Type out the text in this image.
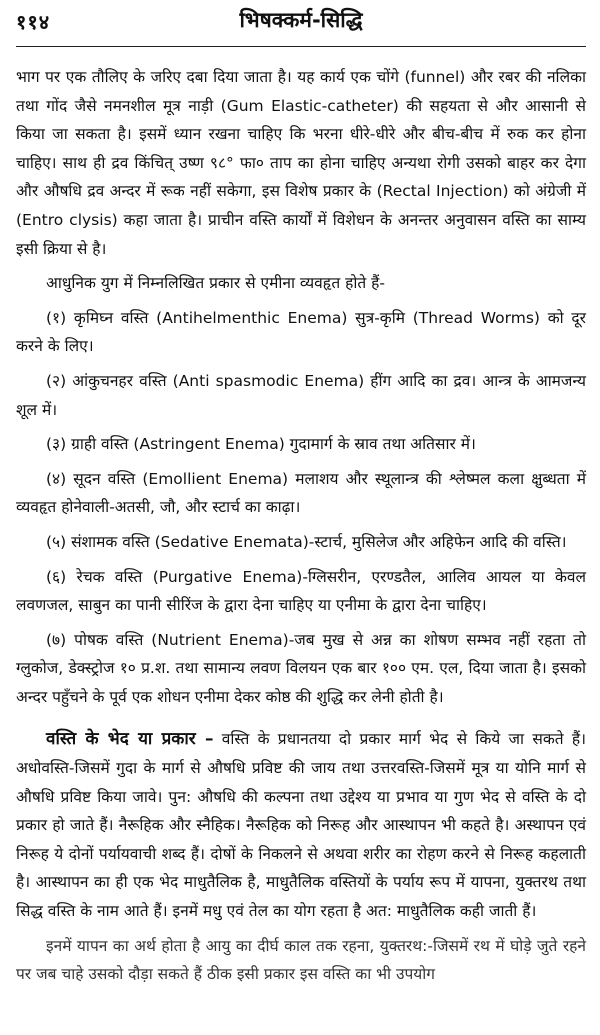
११४	भिषक्कर्म-सिद्धि

भाग पर एक तौलिए के जरिए दबा दिया जाता है। यह कार्य एक चोंगे (funnel) और रबर की नलिका तथा गोंद जैसे नमनशील मूत्र नाड़ी (Gum Elastic-catheter) की सहयता से और आसानी से किया जा सकता है। इसमें ध्यान रखना चाहिए कि भरना धीरे-धीरे और बीच-बीच में रुक कर होना चाहिए। साथ ही द्रव किंचित् उष्ण ९८° फा० ताप का होना चाहिए अन्यथा रोगी उसको बाहर कर देगा और औषधि द्रव अन्दर में रूक नहीं सकेगा, इस विशेष प्रकार के (Rectal Injection) को अंग्रेजी में (Entro clysis) कहा जाता है। प्राचीन वस्ति कार्यों में विशेधन के अनन्तर अनुवासन वस्ति का साम्य इसी क्रिया से है।

आधुनिक युग में निम्नलिखित प्रकार से एमीना व्यवहृत होते हैं-

(१) कृमिघ्न वस्ति (Antihelmenthic Enema) सुत्र-कृमि (Thread Worms) को दूर करने के लिए।

(२) आंकुचनहर वस्ति (Anti spasmodic Enema) हींग आदि का द्रव। आन्त्र के आमजन्य शूल में।

(३) ग्राही वस्ति (Astringent Enema) गुदामार्ग के स्राव तथा अतिसार में।

(४) सूदन वस्ति (Emollient Enema) मलाशय और स्थूलान्त्र की श्लेष्मल कला क्षुब्धता में व्यवहृत होनेवाली-अतसी, जौ, और स्टार्च का काढ़ा।

(५) संशामक वस्ति (Sedative Enemata)-स्टार्च, मुसिलेज और अहिफेन आदि की वस्ति।

(६) रेचक वस्ति (Purgative Enema)-ग्लिसरीन, एरण्डतैल, आलिव आयल या केवल लवणजल, साबुन का पानी सीरिंज के द्वारा देना चाहिए या एनीमा के द्वारा देना चाहिए।

(७) पोषक वस्ति (Nutrient Enema)-जब मुख से अन्न का शोषण सम्भव नहीं रहता तो ग्लुकोज, डेक्स्ट्रोज १० प्र.श. तथा सामान्य लवण विलयन एक बार १०० एम. एल, दिया जाता है। इसको अन्दर पहुँचने के पूर्व एक शोधन एनीमा देकर कोष्ठ की शुद्धि कर लेनी होती है।

वस्ति के भेद या प्रकार – वस्ति के प्रधानतया दो प्रकार मार्ग भेद से किये जा सकते हैं। अधोवस्ति-जिसमें गुदा के मार्ग से औषधि प्रविष्ट की जाय तथा उत्तरवस्ति-जिसमें मूत्र या योनि मार्ग से औषधि प्रविष्ट किया जावे। पुन: औषधि की कल्पना तथा उद्देश्य या प्रभाव या गुण भेद से वस्ति के दो प्रकार हो जाते हैं। नैरूहिक और स्नैहिक। नैरूहिक को निरूह और आस्थापन भी कहते है। अस्थापन एवं निरूह ये दोनों पर्यायवाची शब्द हैं। दोषों के निकलने से अथवा शरीर का रोहण करने से निरूह कहलाती है। आस्थापन का ही एक भेद माधुतैलिक है, माधुतैलिक वस्तियों के पर्याय रूप में यापना, युक्तरथ तथा सिद्ध वस्ति के नाम आते हैं। इनमें मधु एवं तेल का योग रहता है अत: माधुतैलिक कही जाती हैं।

इनमें यापन का अर्थ होता है आयु का दीर्घ काल तक रहना, युक्तरथ:-जिसमें रथ में घोड़े जुते रहने पर जब चाहे उसको दौड़ा सकते हैं ठीक इसी प्रकार इस वस्ति का भी उपयोग
